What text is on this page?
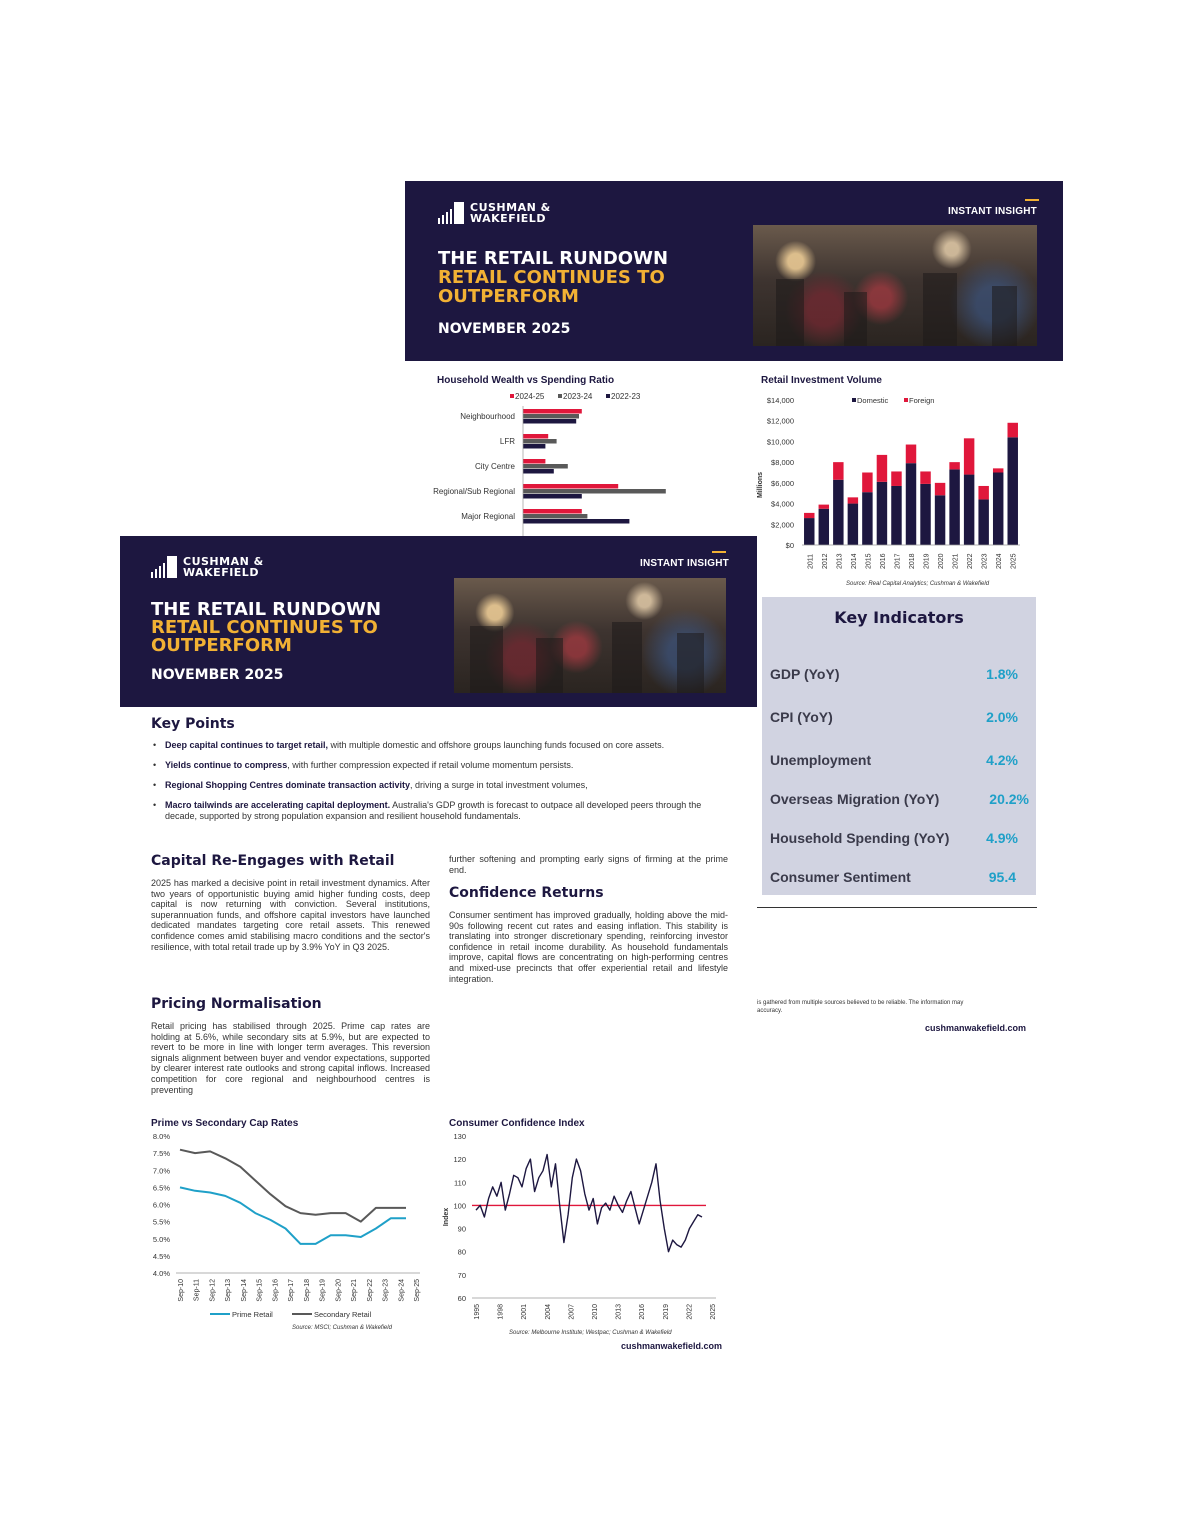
CUSHMAN &
WAKEFIELD
INSTANT INSIGHT
THE RETAIL RUNDOWN
RETAIL CONTINUES TO
OUTPERFORM
NOVEMBER 2025
Household Wealth vs Spending Ratio
2024-25 2023-24 2022-23
Neighbourhood
LFR
City Centre
Regional/Sub Regional
Major Regional
Retail Investment Volume
$0
$2,000
$4,000
$6,000
$8,000
$10,000
$12,000
$14,000
Millions
Domestic	Foreign
2011 2012 2013 2014 2015 2016 2017 2018 2019 2020 2021 2022 2023 2024 2025
Source: Real Capital Analytics; Cushman & Wakefield
Key Indicators
GDP (YoY)	1.8%
CPI (YoY)	2.0%
Unemployment	4.2%
Overseas Migration (YoY)	20.2%
Household Spending (YoY)	4.9%
Consumer Sentiment	95.4
is gathered from multiple sources believed to be reliable. The information may
accuracy.
cushmanwakefield.com
CUSHMAN &
WAKEFIELD
INSTANT INSIGHT
THE RETAIL RUNDOWN
RETAIL CONTINUES TO
OUTPERFORM
NOVEMBER 2025
Key Points
• Deep capital continues to target retail, with multiple domestic and offshore groups launching funds focused on core assets.
• Yields continue to compress, with further compression expected if retail volume momentum persists.
• Regional Shopping Centres dominate transaction activity, driving a surge in total investment volumes,
• Macro tailwinds are accelerating capital deployment. Australia's GDP growth is forecast to outpace all developed peers through the decade, supported by strong population expansion and resilient household fundamentals.
Capital Re-Engages with Retail
2025 has marked a decisive point in retail investment dynamics. After two years of opportunistic buying amid higher funding costs, deep capital is now returning with conviction. Several institutions, superannuation funds, and offshore capital investors have launched dedicated mandates targeting core retail assets. This renewed confidence comes amid stabilising macro conditions and the sector's resilience, with total retail trade up by 3.9% YoY in Q3 2025.
Pricing Normalisation
Retail pricing has stabilised through 2025. Prime cap rates are holding at 5.6%, while secondary sits at 5.9%, but are expected to revert to be more in line with longer term averages. This reversion signals alignment between buyer and vendor expectations, supported by clearer interest rate outlooks and strong capital inflows. Increased competition for core regional and neighbourhood centres is preventing
further softening and prompting early signs of firming at the prime end.
Confidence Returns
Consumer sentiment has improved gradually, holding above the mid-90s following recent cut rates and easing inflation. This stability is translating into stronger discretionary spending, reinforcing investor confidence in retail income durability. As household fundamentals improve, capital flows are concentrating on high-performing centres and mixed-use precincts that offer experiential retail and lifestyle integration.
Prime vs Secondary Cap Rates
4.0%
4.5%
5.0%
5.5%
6.0%
6.5%
7.0%
7.5%
8.0%
Sep-10 Sep-11 Sep-12 Sep-13 Sep-14 Sep-15 Sep-16 Sep-17 Sep-18 Sep-19 Sep-20 Sep-21 Sep-22 Sep-23 Sep-24 Sep-25
Prime Retail	Secondary Retail
Source: MSCI; Cushman & Wakefield
Consumer Confidence Index
60
70
80
90
100
110
120
130
Index
1995 1998 2001 2004 2007 2010 2013 2016 2019 2022 2025
Source: Melbourne Institute; Westpac; Cushman & Wakefield
cushmanwakefield.com
